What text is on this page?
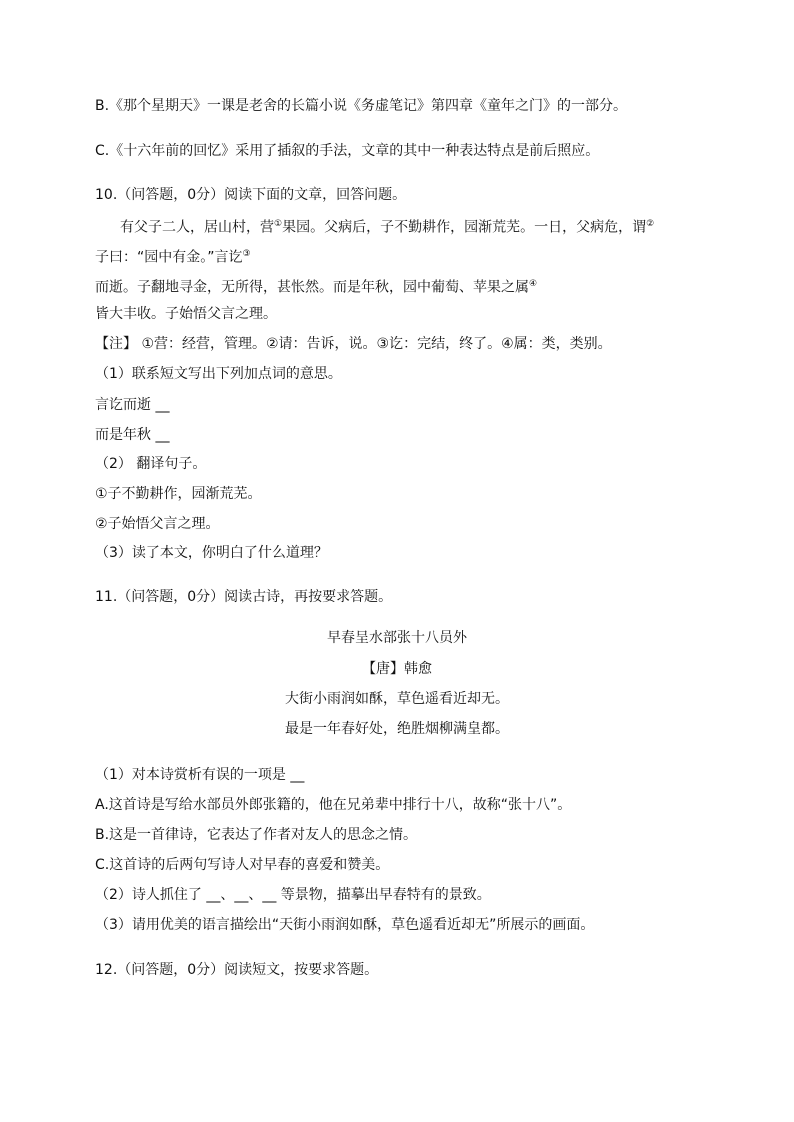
B.《那个星期天》一课是老舍的长篇小说《务虚笔记》第四章《童年之门》的一部分。
C.《十六年前的回忆》采用了插叙的手法，文章的其中一种表达特点是前后照应。
10.（问答题，0分）阅读下面的文章，回答问题。
有父子二人，居山村，营①果园。父病后，子不勤耕作，园渐荒芜。一日，父病危，谓②
子曰：“园中有金。”言讫③
而逝。子翻地寻金，无所得，甚怅然。而是年秋，园中葡萄、苹果之属④
皆大丰收。子始悟父言之理。
【注】 ①营：经营，管理。②请：告诉，说。③讫：完结，终了。④属：类，类别。
（1）联系短文写出下列加点词的意思。
言讫而逝 __
而是年秋 __
（2） 翻译句子。
①子不勤耕作，园渐荒芜。
②子始悟父言之理。
（3）读了本文，你明白了什么道理？
11.（问答题，0分）阅读古诗，再按要求答题。
早春呈水部张十八员外
【唐】韩愈
大街小雨润如酥，草色遥看近却无。
最是一年春好处，绝胜烟柳满皇都。
（1）对本诗赏析有误的一项是 __
A.这首诗是写给水部员外郎张籍的，他在兄弟辈中排行十八，故称“张十八”。
B.这是一首律诗，它表达了作者对友人的思念之情。
C.这首诗的后两句写诗人对早春的喜爱和赞美。
（2）诗人抓住了 __、__、__ 等景物，描摹出早春特有的景致。
（3）请用优美的语言描绘出“天街小雨润如酥，草色遥看近却无”所展示的画面。
12.（问答题，0分）阅读短文，按要求答题。
